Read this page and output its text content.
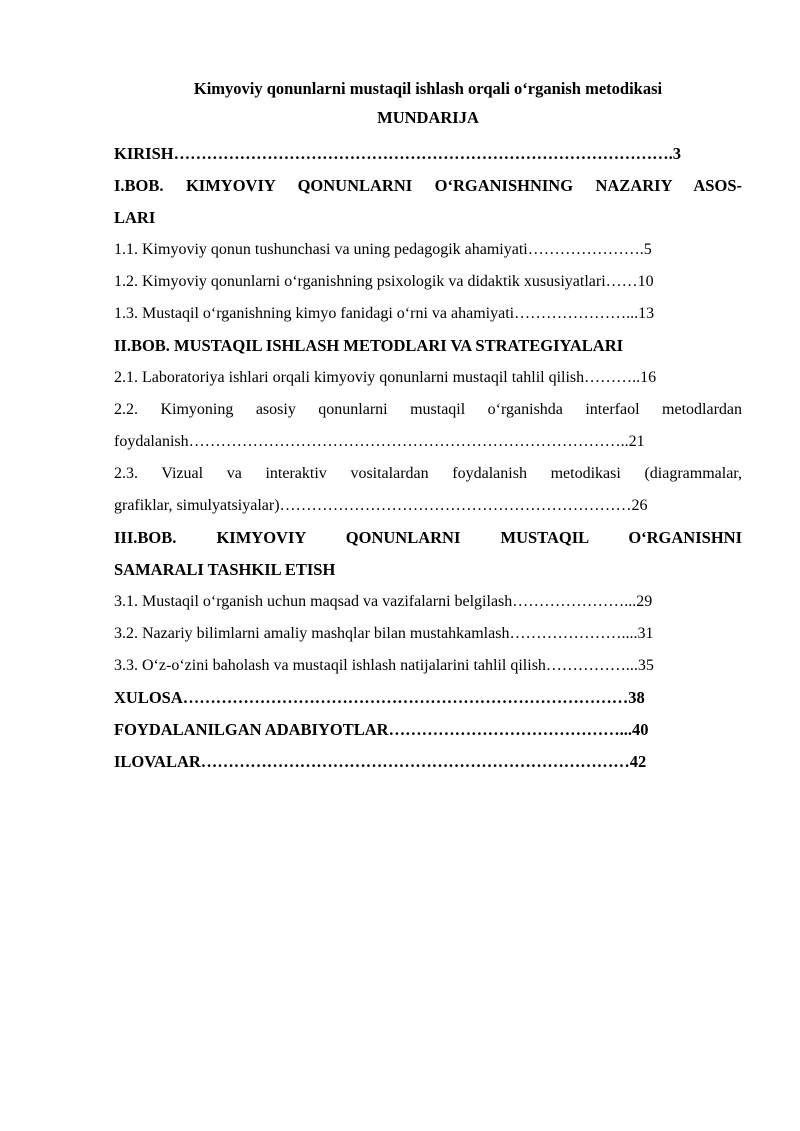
Kimyoviy qonunlarni mustaqil ishlash orqali o‘rganish metodikasi
MUNDARIJA
KIRISH……………………………………………………………………………….3
I.BOB. KIMYOVIY QONUNLARNI O‘RGANISHNING NAZARIY ASOS-
LARI
1.1. Kimyoviy qonun tushunchasi va uning pedagogik ahamiyati………………….5
1.2. Kimyoviy qonunlarni o‘rganishning psixologik va didaktik xususiyatlari……10
1.3. Mustaqil o‘rganishning kimyo fanidagi o‘rni va ahamiyati…………………...13
II.BOB. MUSTAQIL ISHLASH METODLARI VA STRATEGIYALARI
2.1. Laboratoriya ishlari orqali kimyoviy qonunlarni mustaqil tahlil qilish………..16
2.2. Kimyoning asosiy qonunlarni mustaqil o‘rganishda interfaol metodlardan
foydalanish………………………………………………………………………..21
2.3. Vizual va interaktiv vositalardan foydalanish metodikasi (diagrammalar,
grafiklar, simulyatsiyalar)…………………………………………………………26
III.BOB. KIMYOVIY QONUNLARNI MUSTAQIL O‘RGANISHNI
SAMARALI TASHKIL ETISH
3.1. Mustaqil o‘rganish uchun maqsad va vazifalarni belgilash…………………...29
3.2. Nazariy bilimlarni amaliy mashqlar bilan mustahkamlash…………………....31
3.3. O‘z-o‘zini baholash va mustaqil ishlash natijalarini tahlil qilish……………...35
XULOSA………………………………………………………………………38
FOYDALANILGAN ADABIYOTLAR……………………………………...40
ILOVALAR……………………………………………………………………42
